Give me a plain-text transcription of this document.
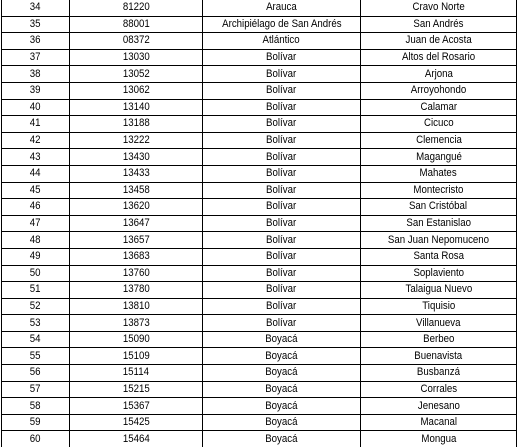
34	81220	Arauca	Cravo Norte
35	88001	Archipiélago de San Andrés	San Andrés
36	08372	Atlántico	Juan de Acosta
37	13030	Bolívar	Altos del Rosario
38	13052	Bolívar	Arjona
39	13062	Bolívar	Arroyohondo
40	13140	Bolívar	Calamar
41	13188	Bolívar	Cicuco
42	13222	Bolívar	Clemencia
43	13430	Bolívar	Magangué
44	13433	Bolívar	Mahates
45	13458	Bolívar	Montecristo
46	13620	Bolívar	San Cristóbal
47	13647	Bolívar	San Estanislao
48	13657	Bolívar	San Juan Nepomuceno
49	13683	Bolívar	Santa Rosa
50	13760	Bolívar	Soplaviento
51	13780	Bolívar	Talaigua Nuevo
52	13810	Bolívar	Tiquisio
53	13873	Bolívar	Villanueva
54	15090	Boyacá	Berbeo
55	15109	Boyacá	Buenavista
56	15114	Boyacá	Busbanzá
57	15215	Boyacá	Corrales
58	15367	Boyacá	Jenesano
59	15425	Boyacá	Macanal
60	15464	Boyacá	Mongua
